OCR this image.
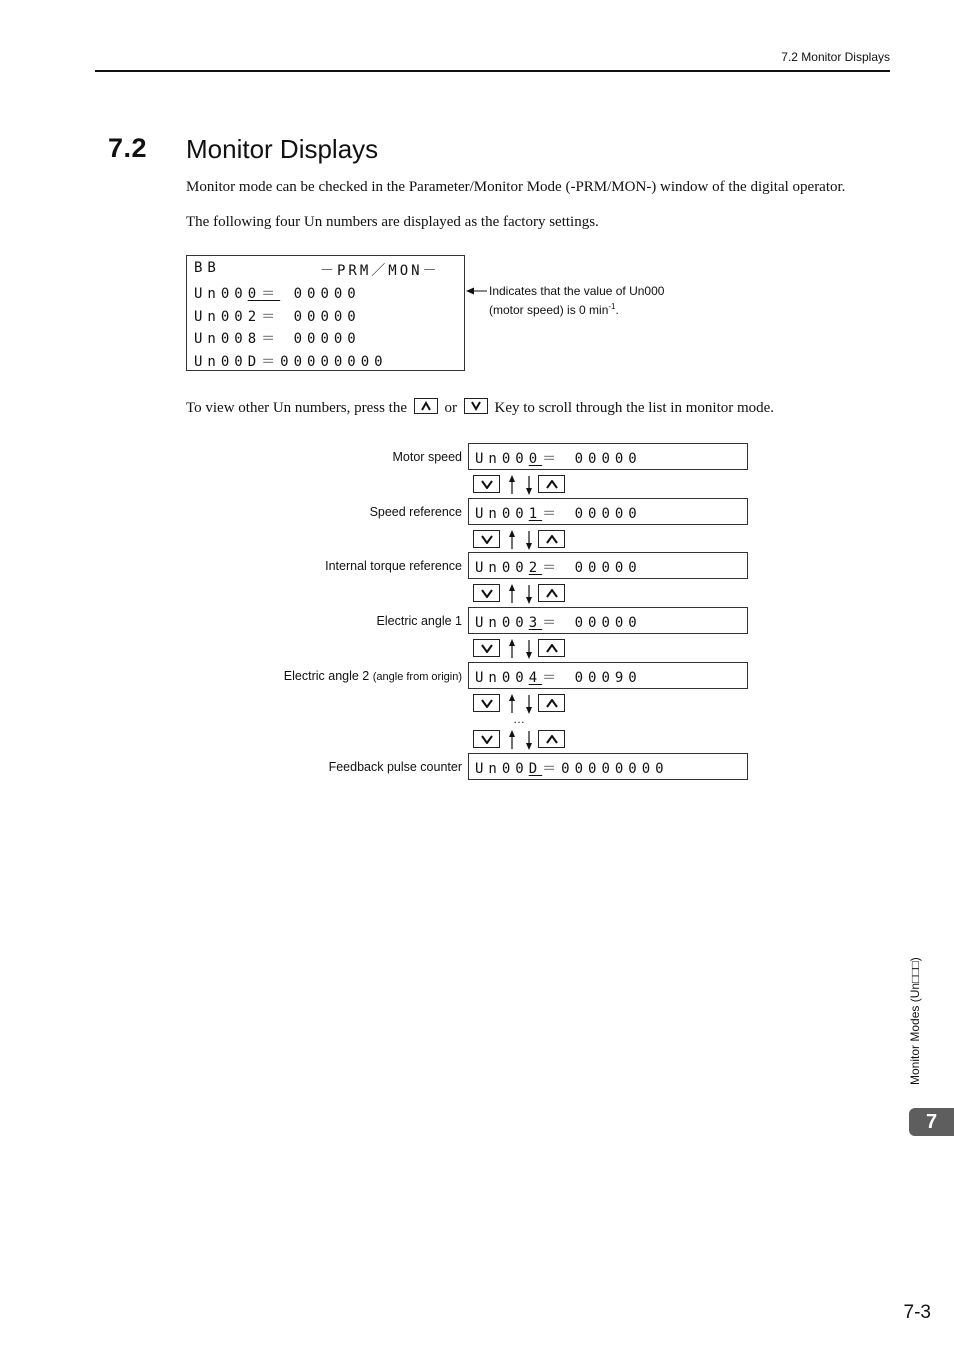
7.2 Monitor Displays
7.2 Monitor Displays
Monitor mode can be checked in the Parameter/Monitor Mode (-PRM/MON-) window of the digital operator.
The following four Un numbers are displayed as the factory settings.
BB	－PRM／MON－
Un000＝ 00000
Un002＝ 00000
Un008＝ 00000
Un00D＝00000000
Indicates that the value of Un000
(motor speed) is 0 $\min^{-1}$.
To view other Un numbers, press the	or	Key to scroll through the list in monitor mode.
Motor speed Un000＝ 00000
Speed reference Un001＝ 00000
Internal torque reference Un002＝ 00000
Electric angle 1 Un003＝ 00000
Electric angle 2 (angle from origin) Un004＝ 00090
…
Feedback pulse counter Un00D＝00000000
Monitor Modes (Un□□□)
7
7-3
